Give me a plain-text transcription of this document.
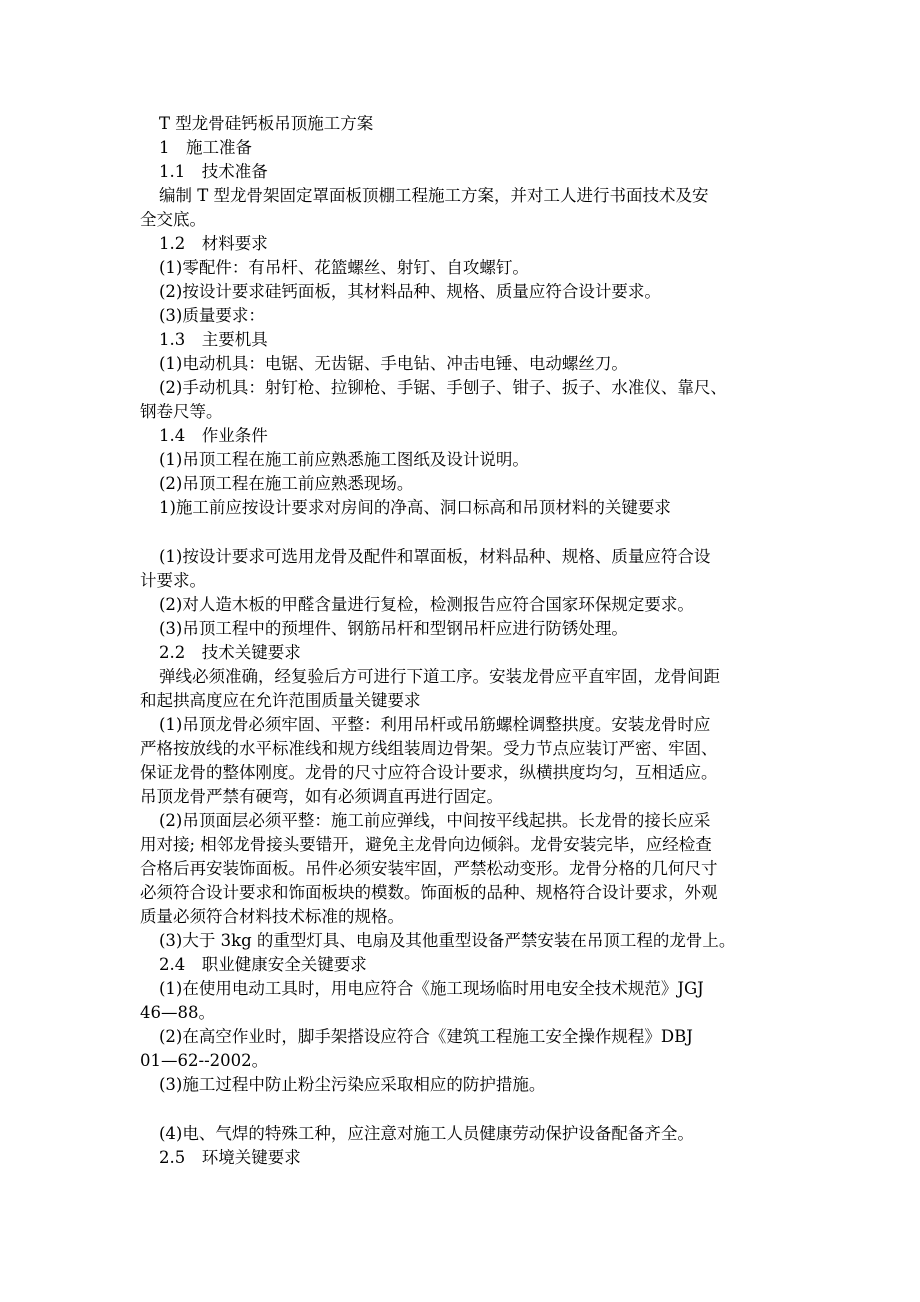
T 型龙骨硅钙板吊顶施工方案
1　施工准备
1.1　技术准备
编制 T 型龙骨架固定罩面板顶棚工程施工方案，并对工人进行书面技术及安
全交底。
1.2　材料要求
(1)零配件：有吊杆、花篮螺丝、射钉、自攻螺钉。
(2)按设计要求硅钙面板，其材料品种、规格、质量应符合设计要求。
(3)质量要求：
1.3　主要机具
(1)电动机具：电锯、无齿锯、手电钻、冲击电锤、电动螺丝刀。
(2)手动机具：射钉枪、拉铆枪、手锯、手刨子、钳子、扳子、水准仪、靠尺、
钢卷尺等。
1.4　作业条件
(1)吊顶工程在施工前应熟悉施工图纸及设计说明。
(2)吊顶工程在施工前应熟悉现场。
1)施工前应按设计要求对房间的净高、洞口标高和吊顶材料的关键要求
(1)按设计要求可选用龙骨及配件和罩面板，材料品种、规格、质量应符合设
计要求。
(2)对人造木板的甲醛含量进行复检，检测报告应符合国家环保规定要求。
(3)吊顶工程中的预埋件、钢筋吊杆和型钢吊杆应进行防锈处理。
2.2　技术关键要求
弹线必须准确，经复验后方可进行下道工序。安装龙骨应平直牢固，龙骨间距
和起拱高度应在允许范围质量关键要求
(1)吊顶龙骨必须牢固、平整：利用吊杆或吊筋螺栓调整拱度。安装龙骨时应
严格按放线的水平标准线和规方线组装周边骨架。受力节点应装订严密、牢固、
保证龙骨的整体刚度。龙骨的尺寸应符合设计要求，纵横拱度均匀，互相适应。
吊顶龙骨严禁有硬弯，如有必须调直再进行固定。
(2)吊顶面层必须平整：施工前应弹线，中间按平线起拱。长龙骨的接长应采
用对接; 相邻龙骨接头要错开，避免主龙骨向边倾斜。龙骨安装完毕，应经检查
合格后再安装饰面板。吊件必须安装牢固，严禁松动变形。龙骨分格的几何尺寸
必须符合设计要求和饰面板块的模数。饰面板的品种、规格符合设计要求，外观
质量必须符合材料技术标准的规格。
(3)大于 3kg 的重型灯具、电扇及其他重型设备严禁安装在吊顶工程的龙骨上。
2.4　职业健康安全关键要求
(1)在使用电动工具时，用电应符合《施工现场临时用电安全技术规范》JGJ
46—88。
(2)在高空作业时，脚手架搭设应符合《建筑工程施工安全操作规程》DBJ
01—62--2002。
(3)施工过程中防止粉尘污染应采取相应的防护措施。
(4)电、气焊的特殊工种，应注意对施工人员健康劳动保护设备配备齐全。
2.5　环境关键要求
